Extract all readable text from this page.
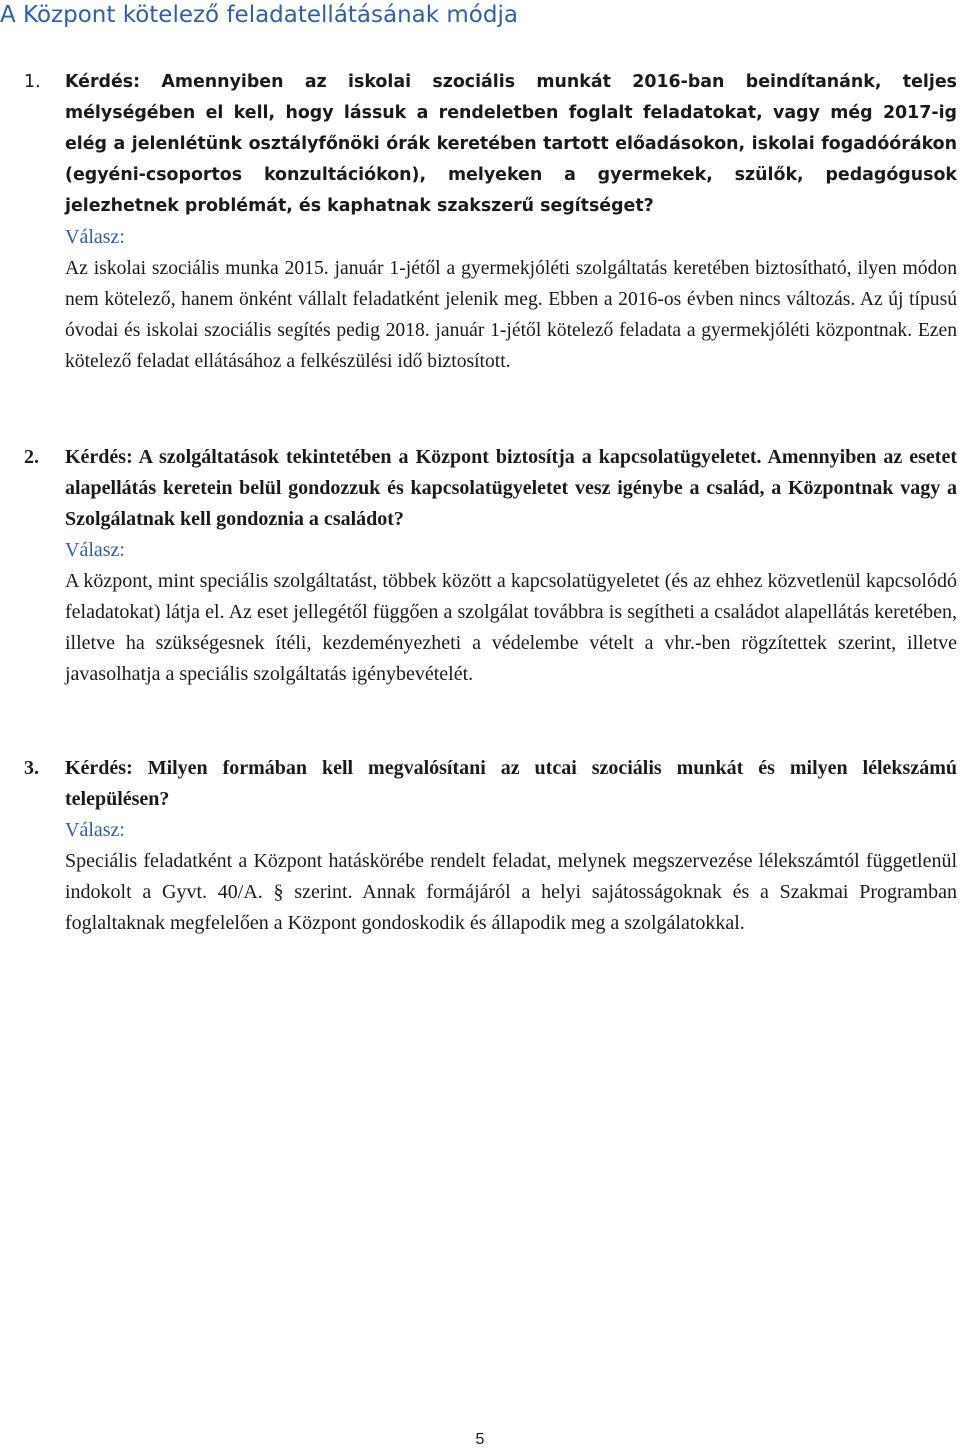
A Központ kötelező feladatellátásának módja
1. Kérdés: Amennyiben az iskolai szociális munkát 2016-ban beindítanánk, teljes mélységében el kell, hogy lássuk a rendeletben foglalt feladatokat, vagy még 2017-ig elég a jelenlétünk osztályfőnöki órák keretében tartott előadásokon, iskolai fogadóórákon (egyéni-csoportos konzultációkon), melyeken a gyermekek, szülők, pedagógusok jelezhetnek problémát, és kaphatnak szakszerű segítséget?
Válasz:
Az iskolai szociális munka 2015. január 1-jétől a gyermekjóléti szolgáltatás keretében biztosítható, ilyen módon nem kötelező, hanem önként vállalt feladatként jelenik meg. Ebben a 2016-os évben nincs változás. Az új típusú óvodai és iskolai szociális segítés pedig 2018. január 1-jétől kötelező feladata a gyermekjóléti központnak. Ezen kötelező feladat ellátásához a felkészülési idő biztosított.
2. Kérdés: A szolgáltatások tekintetében a Központ biztosítja a kapcsolatügyeletet. Amennyiben az esetet alapellátás keretein belül gondozzuk és kapcsolatügyeletet vesz igénybe a család, a Központnak vagy a Szolgálatnak kell gondoznia a családot?
Válasz:
A központ, mint speciális szolgáltatást, többek között a kapcsolatügyeletet (és az ehhez közvetlenül kapcsolódó feladatokat) látja el. Az eset jellegétől függően a szolgálat továbbra is segítheti a családot alapellátás keretében, illetve ha szükségesnek ítéli, kezdeményezheti a védelembe vételt a vhr.-ben rögzítettek szerint, illetve javasolhatja a speciális szolgáltatás igénybevételét.
3. Kérdés: Milyen formában kell megvalósítani az utcai szociális munkát és milyen lélekszámú településen?
Válasz:
Speciális feladatként a Központ hatáskörébe rendelt feladat, melynek megszervezése lélekszámtól függetlenül indokolt a Gyvt. 40/A. § szerint. Annak formájáról a helyi sajátosságoknak és a Szakmai Programban foglaltaknak megfelelően a Központ gondoskodik és állapodik meg a szolgálatokkal.
5
